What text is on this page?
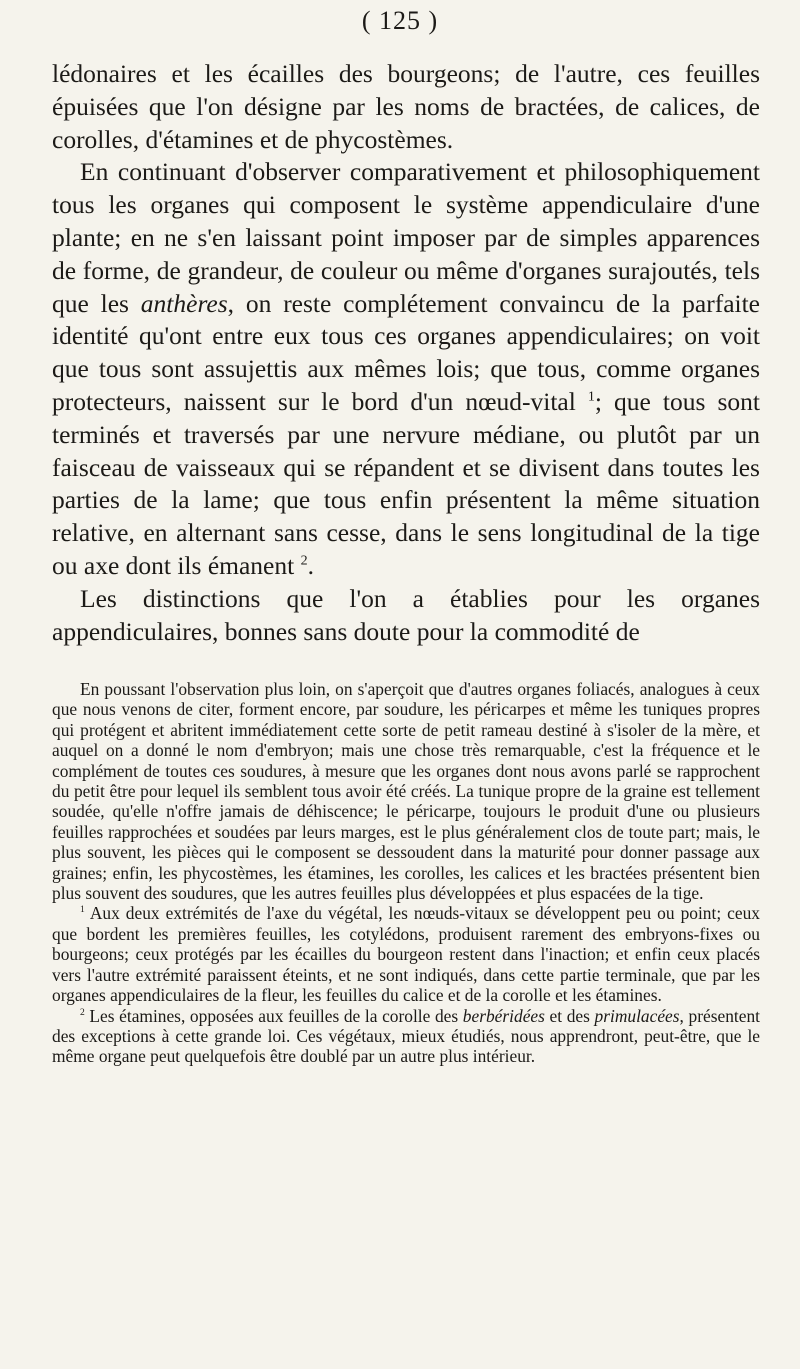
( 125 )

lédonaires et les écailles des bourgeons; de l'autre, ces feuilles épuisées que l'on désigne par les noms de bractées, de calices, de corolles, d'étamines et de phycostèmes.

En continuant d'observer comparativement et philosophiquement tous les organes qui composent le système appendiculaire d'une plante; en ne s'en laissant point imposer par de simples apparences de forme, de grandeur, de couleur ou même d'organes surajoutés, tels que les anthères, on reste complétement convaincu de la parfaite identité qu'ont entre eux tous ces organes appendiculaires; on voit que tous sont assujettis aux mêmes lois; que tous, comme organes protecteurs, naissent sur le bord d'un nœud-vital $^1$; que tous sont terminés et traversés par une nervure médiane, ou plutôt par un faisceau de vaisseaux qui se répandent et se divisent dans toutes les parties de la lame; que tous enfin présentent la même situation relative, en alternant sans cesse, dans le sens longitudinal de la tige ou axe dont ils émanent $^2$.

Les distinctions que l'on a établies pour les organes appendiculaires, bonnes sans doute pour la commodité de

En poussant l'observation plus loin, on s'aperçoit que d'autres organes foliacés, analogues à ceux que nous venons de citer, forment encore, par soudure, les péricarpes et même les tuniques propres qui protégent et abritent immédiatement cette sorte de petit rameau destiné à s'isoler de la mère, et auquel on a donné le nom d'embryon; mais une chose très remarquable, c'est la fréquence et le complément de toutes ces soudures, à mesure que les organes dont nous avons parlé se rapprochent du petit être pour lequel ils semblent tous avoir été créés. La tunique propre de la graine est tellement soudée, qu'elle n'offre jamais de déhiscence; le péricarpe, toujours le produit d'une ou plusieurs feuilles rapprochées et soudées par leurs marges, est le plus généralement clos de toute part; mais, le plus souvent, les pièces qui le composent se dessoudent dans la maturité pour donner passage aux graines; enfin, les phycostèmes, les étamines, les corolles, les calices et les bractées présentent bien plus souvent des soudures, que les autres feuilles plus développées et plus espacées de la tige.

$^1$ Aux deux extrémités de l'axe du végétal, les nœuds-vitaux se développent peu ou point; ceux que bordent les premières feuilles, les cotylédons, produisent rarement des embryons-fixes ou bourgeons; ceux protégés par les écailles du bourgeon restent dans l'inaction; et enfin ceux placés vers l'autre extrémité paraissent éteints, et ne sont indiqués, dans cette partie terminale, que par les organes appendiculaires de la fleur, les feuilles du calice et de la corolle et les étamines.

$^2$ Les étamines, opposées aux feuilles de la corolle des berbéridées et des primulacées, présentent des exceptions à cette grande loi. Ces végétaux, mieux étudiés, nous apprendront, peut-être, que le même organe peut quelquefois être doublé par un autre plus intérieur.
